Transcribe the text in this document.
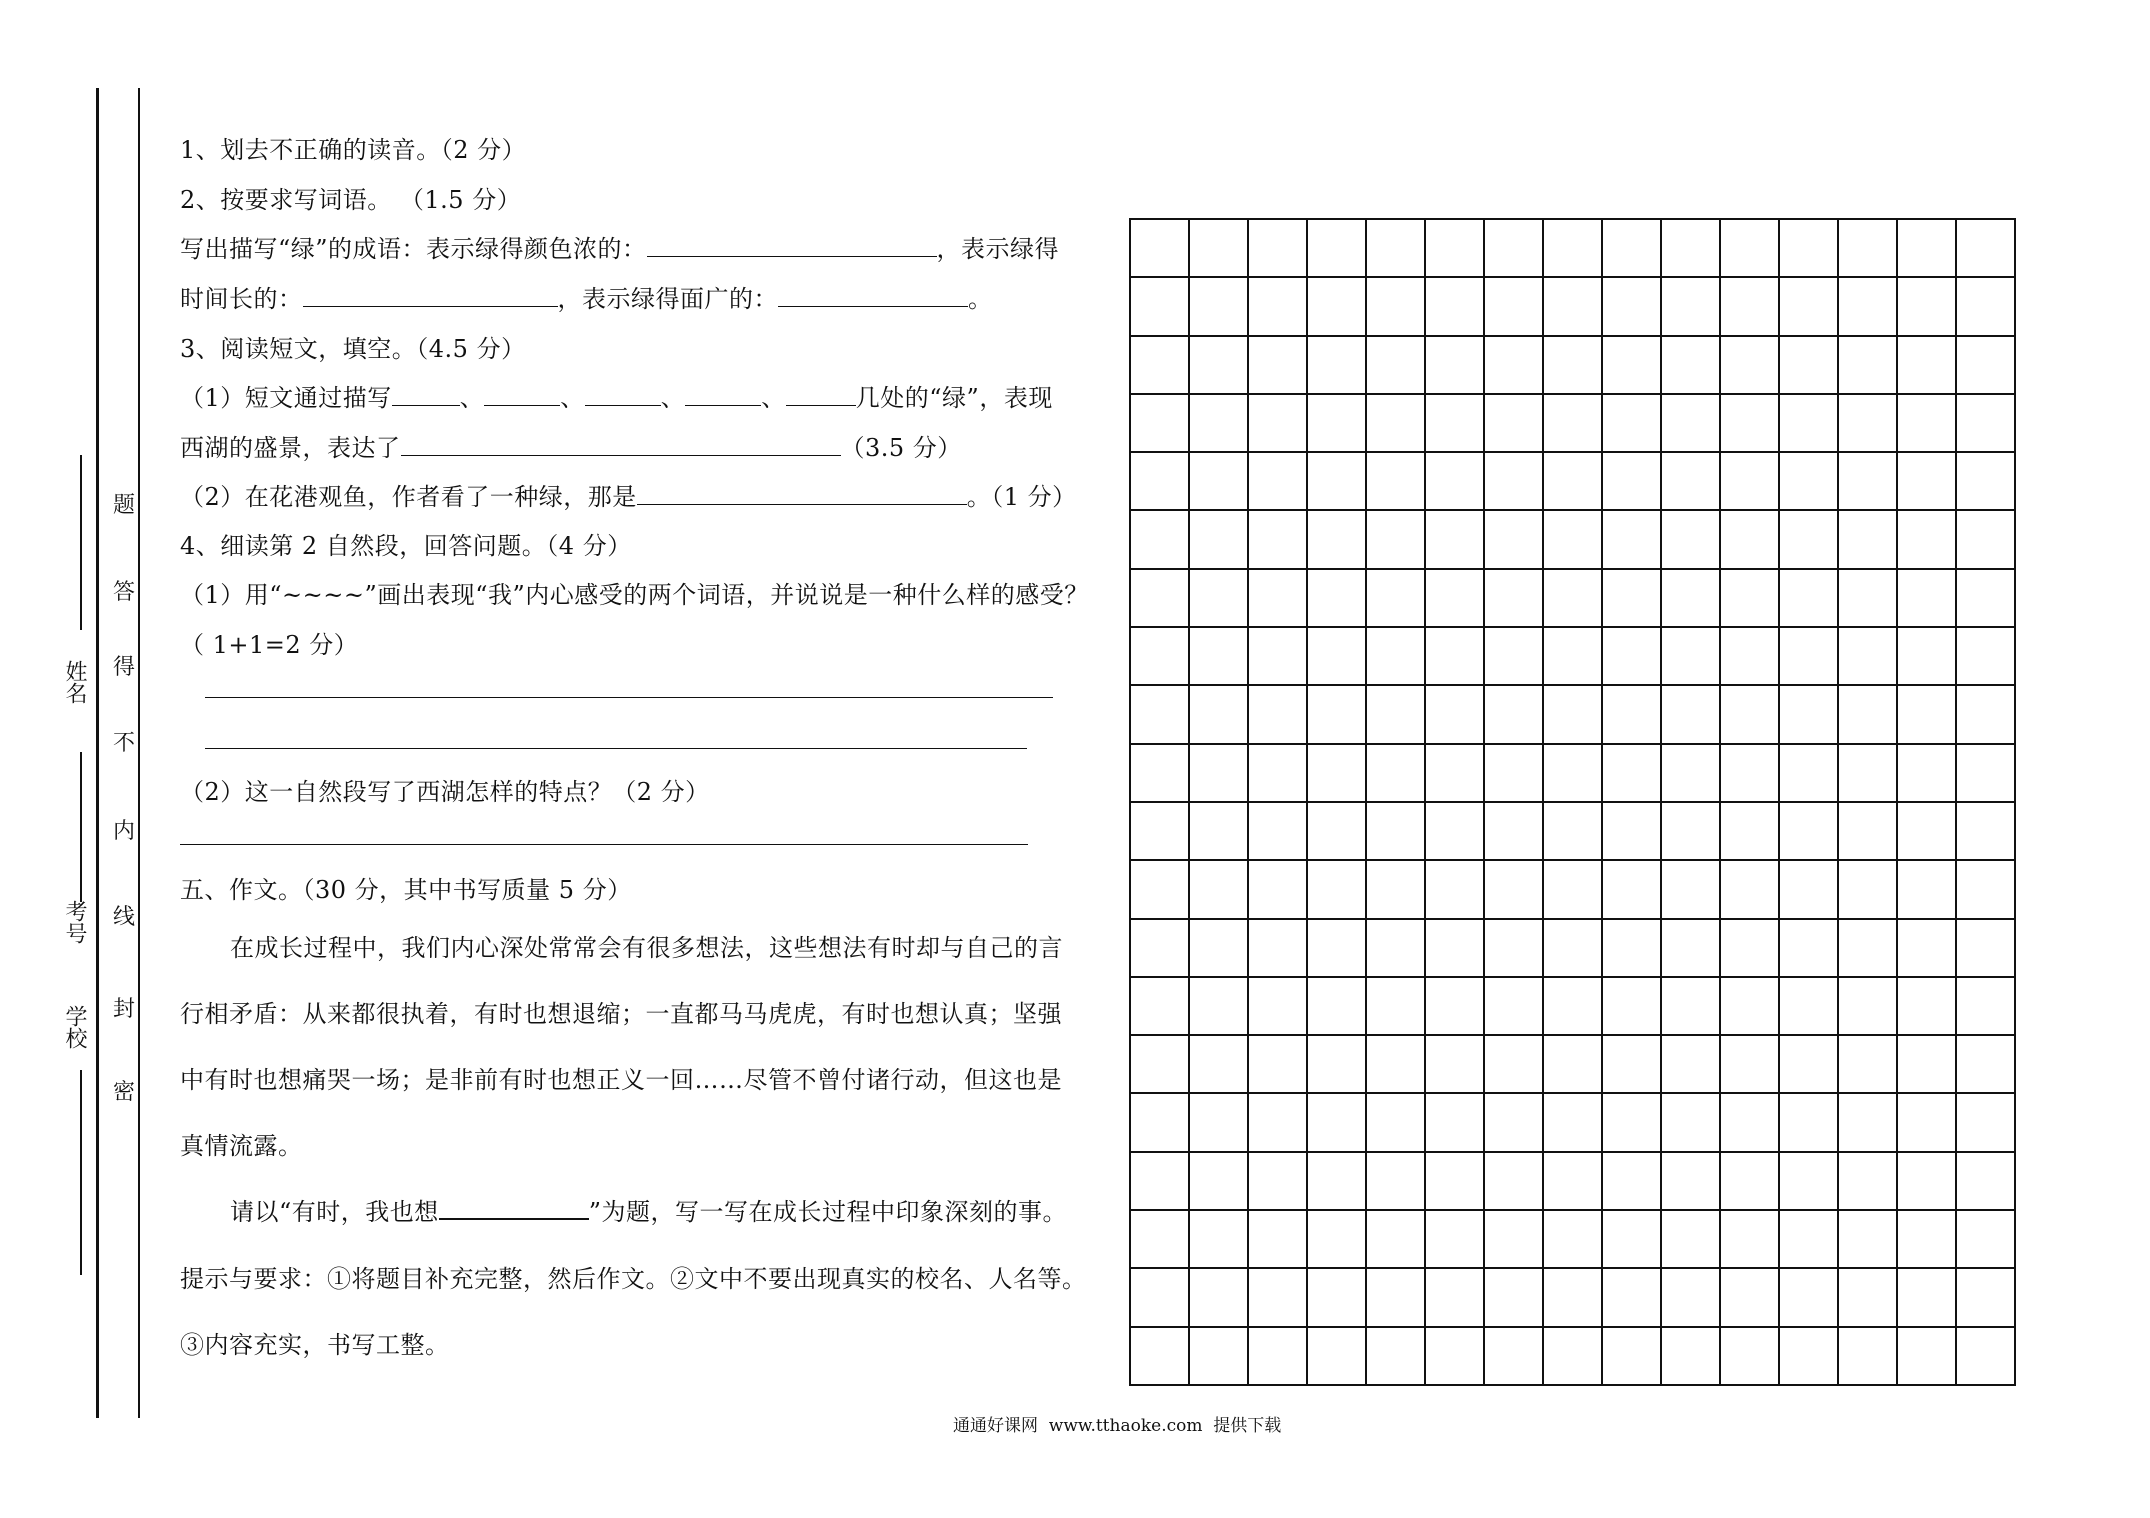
姓名
考号
学校
密
封
线
内
不
得
答
题
1、划去不正确的读音。（2 分）
2、按要求写词语。 （1.5 分）
写出描写“绿”的成语：表示绿得颜色浓的：	，表示绿得
时间长的：	，表示绿得面广的：	。
3、阅读短文，填空。（4.5 分）
（1）短文通过描写	、	、	、	、	几处的“绿”，表现
西湖的盛景，表达了	（3.5 分）
（2）在花港观鱼，作者看了一种绿，那是	。（1 分）
4、细读第 2 自然段，回答问题。（4 分）
（1）用“~~~~”画出表现“我”内心感受的两个词语，并说说是一种什么样的感受？
（ 1+1=2 分）
（2）这一自然段写了西湖怎样的特点？（2 分）
五、作文。（30 分，其中书写质量 5 分）
在成长过程中，我们内心深处常常会有很多想法，这些想法有时却与自己的言
行相矛盾：从来都很执着，有时也想退缩；一直都马马虎虎，有时也想认真；坚强
中有时也想痛哭一场；是非前有时也想正义一回……尽管不曾付诸行动，但这也是
真情流露。
请以“有时，我也想	”为题，写一写在成长过程中印象深刻的事。
提示与要求：①将题目补充完整，然后作文。②文中不要出现真实的校名、人名等。
③内容充实，书写工整。
通通好课网  www.tthaoke.com  提供下载
